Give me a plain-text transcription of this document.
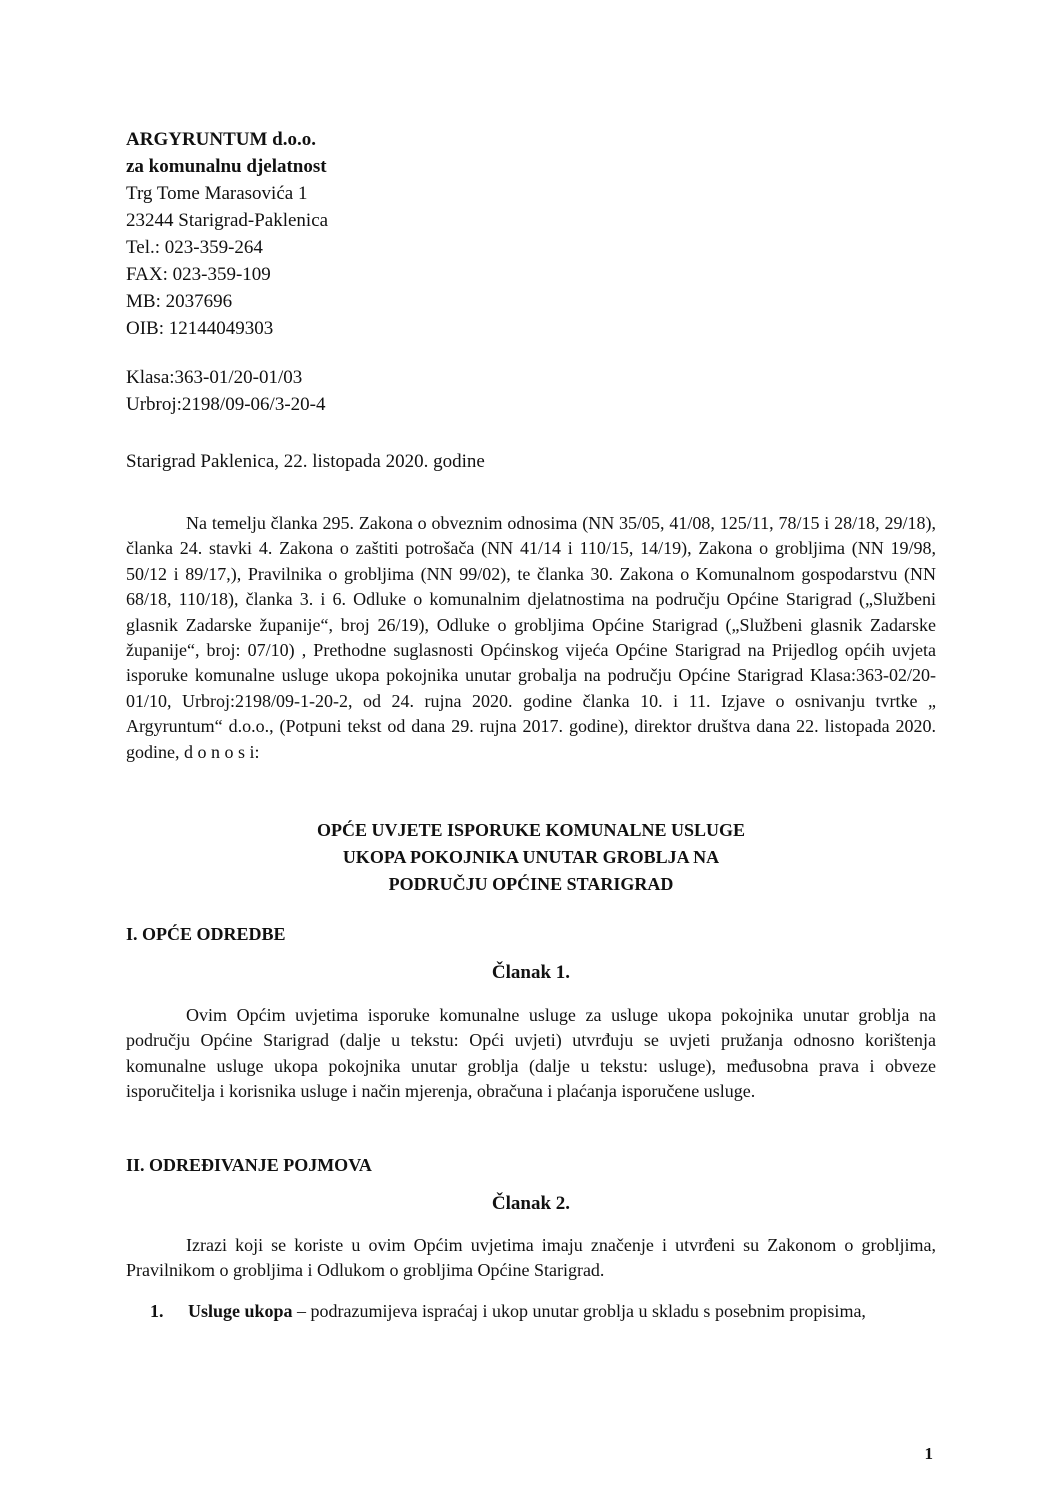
ARGYRUNTUM d.o.o.
za komunalnu djelatnost
Trg Tome Marasovića 1
23244 Starigrad-Paklenica
Tel.: 023-359-264
FAX: 023-359-109
MB: 2037696
OIB: 12144049303
Klasa:363-01/20-01/03
Urbroj:2198/09-06/3-20-4
Starigrad Paklenica, 22. listopada 2020. godine
Na temelju članka 295. Zakona o obveznim odnosima (NN 35/05, 41/08, 125/11, 78/15 i 28/18, 29/18), članka 24. stavki 4. Zakona o zaštiti potrošača (NN 41/14 i 110/15, 14/19), Zakona o grobljima (NN 19/98, 50/12 i 89/17,), Pravilnika o grobljima (NN 99/02), te članka 30. Zakona o Komunalnom gospodarstvu (NN 68/18, 110/18), članka 3. i 6. Odluke o komunalnim djelatnostima na području Općine Starigrad („Službeni glasnik Zadarske županije“, broj 26/19), Odluke o grobljima Općine Starigrad („Službeni glasnik Zadarske županije“, broj: 07/10) , Prethodne suglasnosti Općinskog vijeća Općine Starigrad na Prijedlog općih uvjeta isporuke komunalne usluge ukopa pokojnika unutar grobalja na području Općine Starigrad Klasa:363-02/20-01/10, Urbroj:2198/09-1-20-2, od 24. rujna 2020. godine članka 10. i 11. Izjave o osnivanju tvrtke „ Argyruntum“ d.o.o., (Potpuni tekst od dana 29. rujna 2017. godine), direktor društva dana 22. listopada 2020. godine, d o n o s i:
OPĆE UVJETE ISPORUKE KOMUNALNE USLUGE
UKOPA POKOJNIKA UNUTAR GROBLJA NA
PODRUČJU OPĆINE STARIGRAD
I. OPĆE ODREDBE
Članak 1.
Ovim Općim uvjetima isporuke komunalne usluge za usluge ukopa pokojnika unutar groblja na području Općine Starigrad (dalje u tekstu: Opći uvjeti) utvrđuju se uvjeti pružanja odnosno korištenja komunalne usluge ukopa pokojnika unutar groblja (dalje u tekstu: usluge), međusobna prava i obveze isporučitelja i korisnika usluge i način mjerenja, obračuna i plaćanja isporučene usluge.
II. ODREĐIVANJE POJMOVA
Članak 2.
Izrazi koji se koriste u ovim Općim uvjetima imaju značenje i utvrđeni su Zakonom o grobljima, Pravilnikom o grobljima i Odlukom o grobljima Općine Starigrad.
1.	Usluge ukopa – podrazumijeva ispraćaj i ukop unutar groblja u skladu s posebnim propisima,
1
